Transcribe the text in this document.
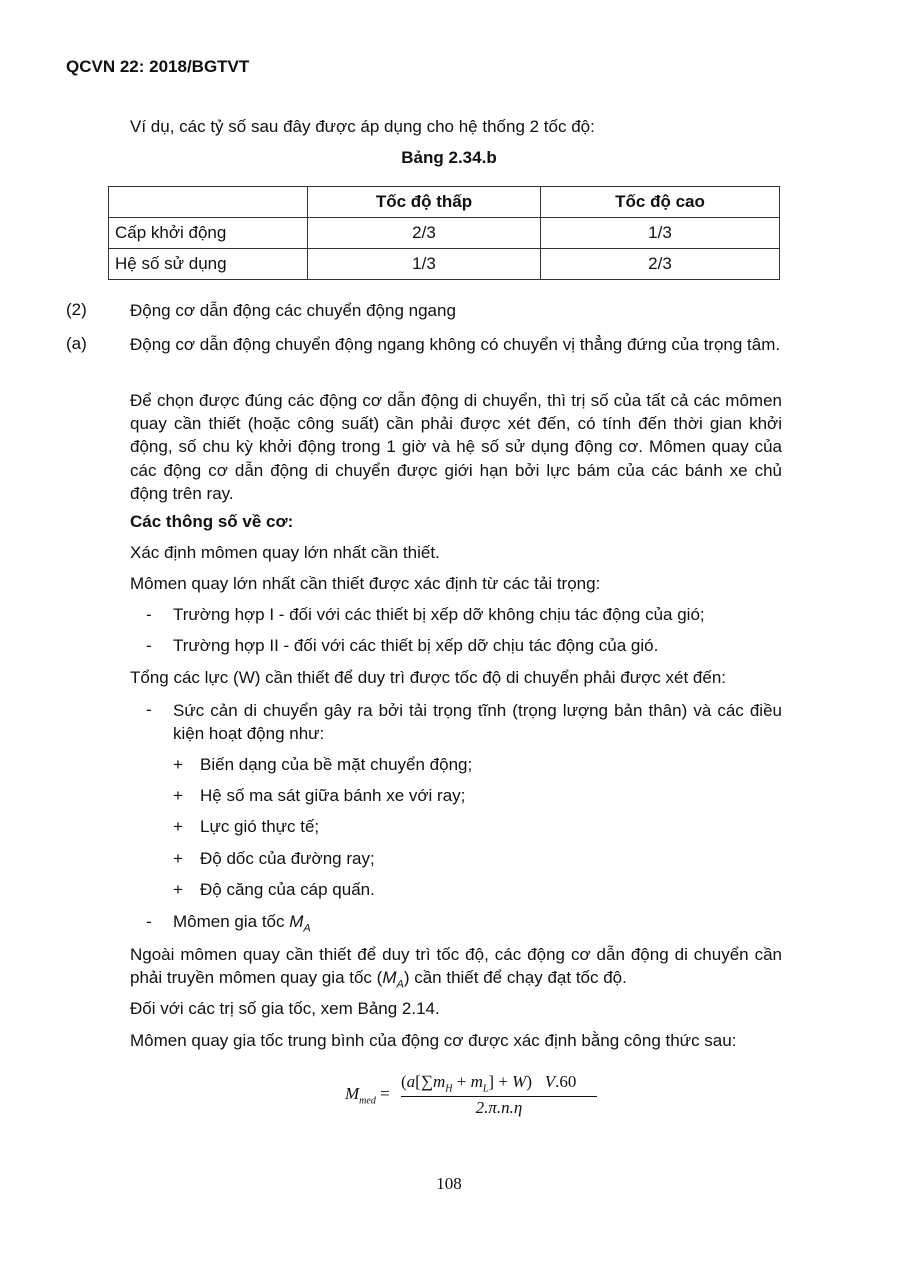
QCVN 22: 2018/BGTVT
Ví dụ, các tỷ số sau đây được áp dụng cho hệ thống 2 tốc độ:
Bảng 2.34.b
	Tốc độ thấp	Tốc độ cao
Cấp khởi động	2/3	1/3
Hệ số sử dụng	1/3	2/3
(2)	Động cơ dẫn động các chuyển động ngang
(a)	Động cơ dẫn động chuyển động ngang không có chuyển vị thẳng đứng của trọng tâm.
Để chọn được đúng các động cơ dẫn động di chuyển, thì trị số của tất cả các mômen quay cần thiết (hoặc công suất) cần phải được xét đến, có tính đến thời gian khởi động, số chu kỳ khởi động trong 1 giờ và hệ số sử dụng động cơ. Mômen quay của các động cơ dẫn động di chuyển được giới hạn bởi lực bám của các bánh xe chủ động trên ray.
Các thông số về cơ:
Xác định mômen quay lớn nhất cần thiết.
Mômen quay lớn nhất cần thiết được xác định từ các tải trọng:
- Trường hợp I - đối với các thiết bị xếp dỡ không chịu tác động của gió;
- Trường hợp II - đối với các thiết bị xếp dỡ chịu tác động của gió.
Tổng các lực (W) cần thiết để duy trì được tốc độ di chuyển phải được xét đến:
- Sức cản di chuyển gây ra bởi tải trọng tĩnh (trọng lượng bản thân) và các điều kiện hoạt động như:
+ Biến dạng của bề mặt chuyển động;
+ Hệ số ma sát giữa bánh xe với ray;
+ Lực gió thực tế;
+ Độ dốc của đường ray;
+ Độ căng của cáp quấn.
- Mômen gia tốc $M_A$
Ngoài mômen quay cần thiết để duy trì tốc độ, các động cơ dẫn động di chuyển cần phải truyền mômen quay gia tốc $(M_A)$ cần thiết để chạy đạt tốc độ.
Đối với các trị số gia tốc, xem Bảng 2.14.
Mômen quay gia tốc trung bình của động cơ được xác định bằng công thức sau:
$M_{med}$ =
$(a[\sum m_H + m_L] + W)$   V.60
2.π.n.η
108
